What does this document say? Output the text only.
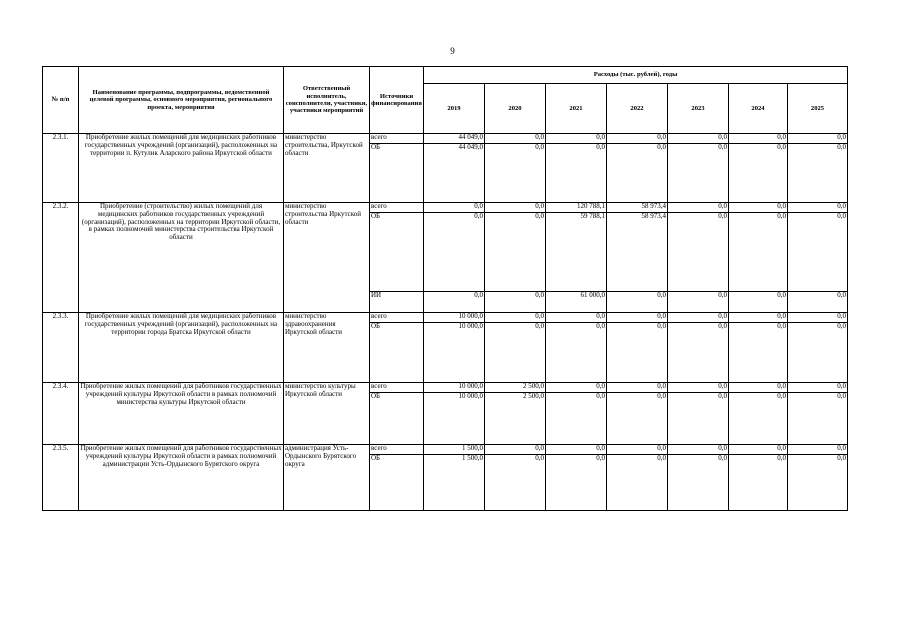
9
№ п/п	Наименование программы, подпрограммы, ведомственной целевой программы, основного мероприятия, регионального проекта, мероприятия	Ответственный исполнитель, соисполнители, участники, участники мероприятий	Источники финансирования	Расходы (тыс. рублей), годы						
				2019	2020	2021	2022	2023	2024	2025
2.3.1.	Приобретение жилых помещений для медицинских работников государственных учреждений (организаций), расположенных на территории п. Кутулик Аларского района Иркутской области	министерство строительства, Иркутской области	всего	44 049,0	0,0	0,0	0,0	0,0	0,0	0,0
			ОБ	44 049,0	0,0	0,0	0,0	0,0	0,0	0,0
2.3.2.	Приобретение (строительство) жилых помещений для медицинских работников государственных учреждений (организаций), расположенных на территории Иркутской области, в рамках полномочий министерства строительства Иркутской области	министерство строительства Иркутской области	всего	0,0	0,0	120 788,1	58 973,4	0,0	0,0	0,0
			ОБ	0,0	0,0	59 788,1	58 973,4	0,0	0,0	0,0
			ИИ	0,0	0,0	61 000,0	0,0	0,0	0,0	0,0
2.3.3.	Приобретение жилых помещений для медицинских работников государственных учреждений (организаций), расположенных на территории города Братска Иркутской области	министерство здравоохранения Иркутской области	всего	10 000,0	0,0	0,0	0,0	0,0	0,0	0,0
			ОБ	10 000,0	0,0	0,0	0,0	0,0	0,0	0,0
2.3.4.	Приобретение жилых помещений для работников государственных учреждений культуры Иркутской области в рамках полномочий министерства культуры Иркутской области	министерство культуры Иркутской области	всего	10 000,0	2 500,0	0,0	0,0	0,0	0,0	0,0
			ОБ	10 000,0	2 500,0	0,0	0,0	0,0	0,0	0,0
2.3.5.	Приобретение жилых помещений для работников государственных учреждений культуры Иркутской области в рамках полномочий администрации Усть-Ордынского Бурятского округа	администрация Усть-Ордынского Бурятского округа	всего	1 500,0	0,0	0,0	0,0	0,0	0,0	0,0
			ОБ	1 500,0	0,0	0,0	0,0	0,0	0,0	0,0
